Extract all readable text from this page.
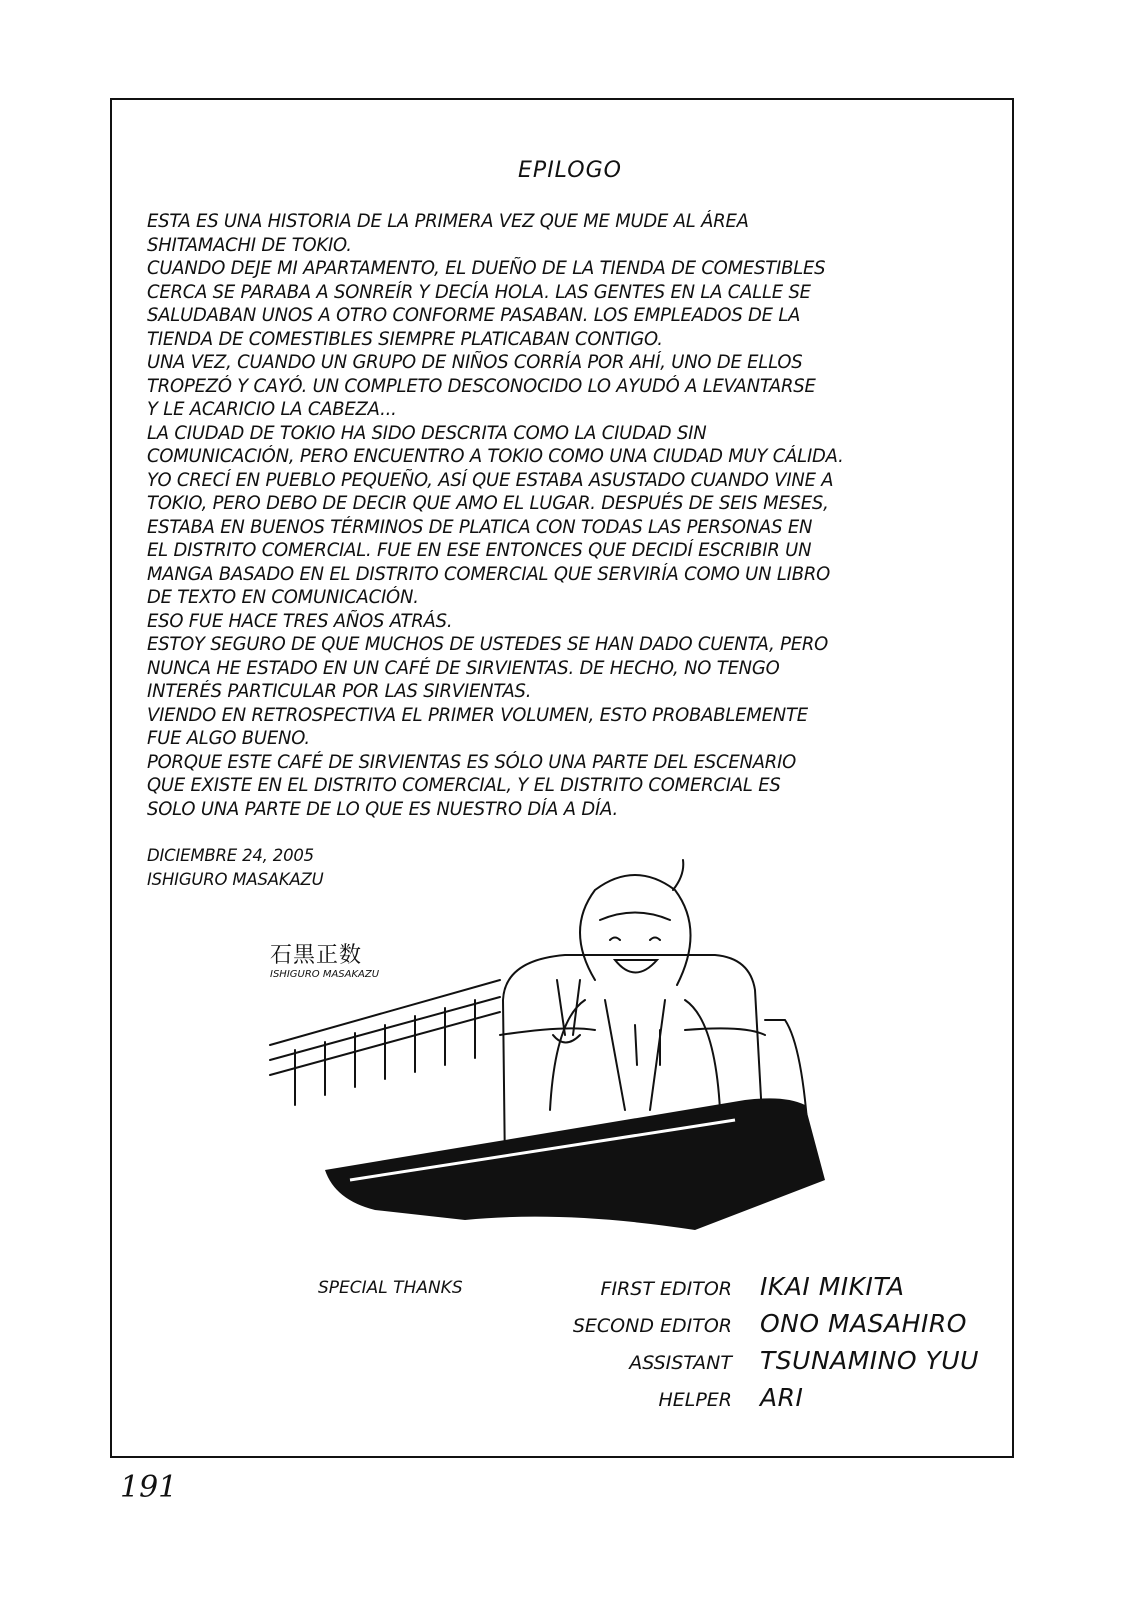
EPILOGO
ESTA ES UNA HISTORIA DE LA PRIMERA VEZ QUE ME MUDE AL ÁREA
SHITAMACHI DE TOKIO.
CUANDO DEJE MI APARTAMENTO, EL DUEÑO DE LA TIENDA DE COMESTIBLES
CERCA SE PARABA A SONREÍR Y DECÍA HOLA. LAS GENTES EN LA CALLE SE
SALUDABAN UNOS A OTRO CONFORME PASABAN. LOS EMPLEADOS DE LA
TIENDA DE COMESTIBLES SIEMPRE PLATICABAN CONTIGO.
UNA VEZ, CUANDO UN GRUPO DE NIÑOS CORRÍA POR AHÍ, UNO DE ELLOS
TROPEZÓ Y CAYÓ. UN COMPLETO DESCONOCIDO LO AYUDÓ A LEVANTARSE
Y LE ACARICIO LA CABEZA...
LA CIUDAD DE TOKIO HA SIDO DESCRITA COMO LA CIUDAD SIN
COMUNICACIÓN, PERO ENCUENTRO A TOKIO COMO UNA CIUDAD MUY CÁLIDA.
YO CRECÍ EN PUEBLO PEQUEÑO, ASÍ QUE ESTABA ASUSTADO CUANDO VINE A
TOKIO, PERO DEBO DE DECIR QUE AMO EL LUGAR. DESPUÉS DE SEIS MESES,
ESTABA EN BUENOS TÉRMINOS DE PLATICA CON TODAS LAS PERSONAS EN
EL DISTRITO COMERCIAL. FUE EN ESE ENTONCES QUE DECIDÍ ESCRIBIR UN
MANGA BASADO EN EL DISTRITO COMERCIAL QUE SERVIRÍA COMO UN LIBRO
DE TEXTO EN COMUNICACIÓN.
ESO FUE HACE TRES AÑOS ATRÁS.
ESTOY SEGURO DE QUE MUCHOS DE USTEDES SE HAN DADO CUENTA, PERO
NUNCA HE ESTADO EN UN CAFÉ DE SIRVIENTAS. DE HECHO, NO TENGO
INTERÉS PARTICULAR POR LAS SIRVIENTAS.
VIENDO EN RETROSPECTIVA EL PRIMER VOLUMEN, ESTO PROBABLEMENTE
FUE ALGO BUENO.
PORQUE ESTE CAFÉ DE SIRVIENTAS ES SÓLO UNA PARTE DEL ESCENARIO
QUE EXISTE EN EL DISTRITO COMERCIAL, Y EL DISTRITO COMERCIAL ES
SOLO UNA PARTE DE LO QUE ES NUESTRO DÍA A DÍA.
DICIEMBRE 24, 2005
ISHIGURO MASAKAZU
石黒正数
ISHIGURO MASAKAZU
SPECIAL THANKS	FIRST EDITOR IKAI MIKITA
SECOND EDITOR ONO MASAHIRO
ASSISTANT TSUNAMINO YUU
HELPER ARI
191
